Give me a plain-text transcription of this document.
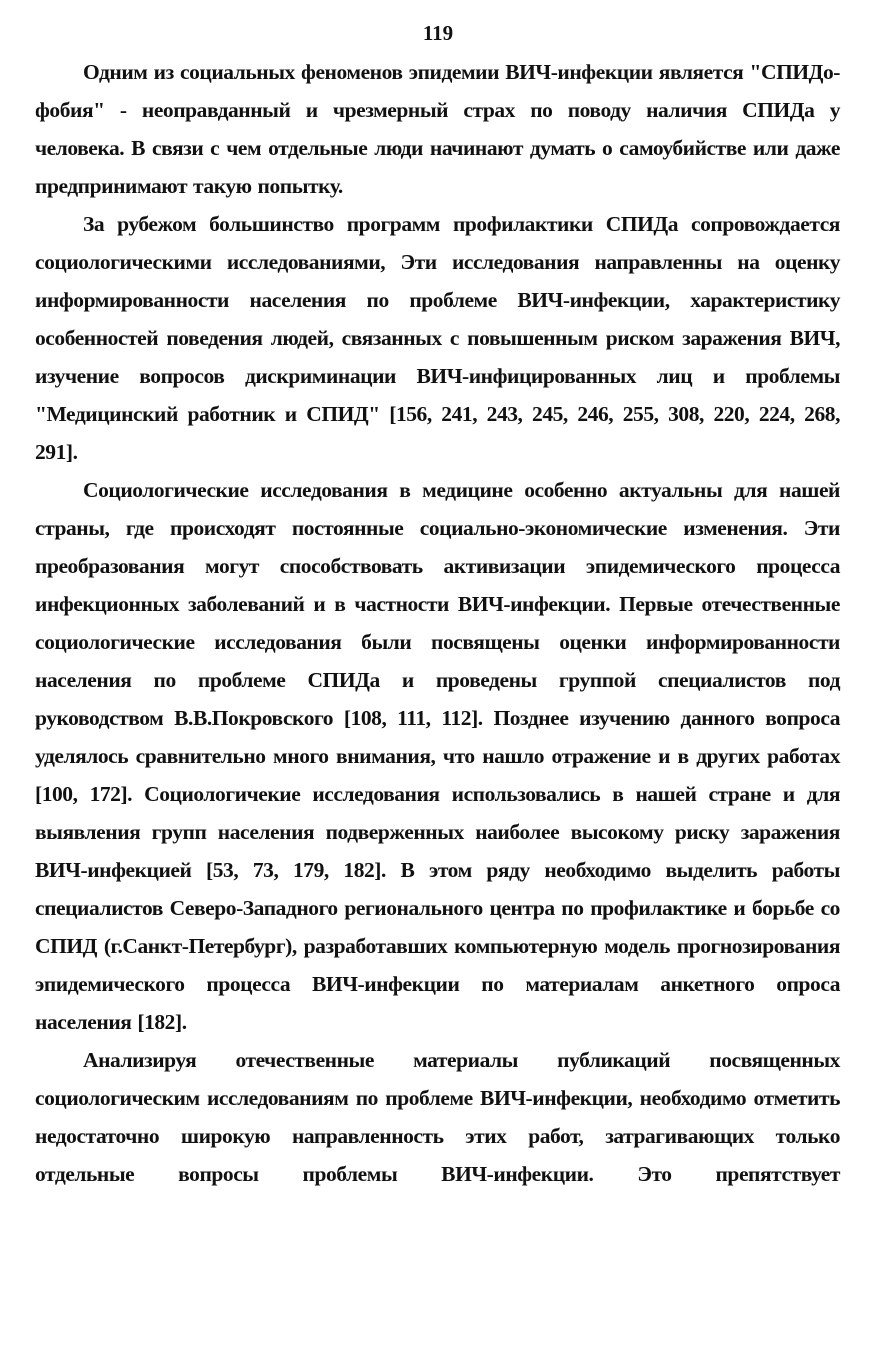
119

Одним из социальных феноменов эпидемии ВИЧ-инфекции является "СПИДо-фобия" - неоправданный и чрезмерный страх по поводу наличия СПИДа у человека. В связи с чем отдельные люди начинают думать о самоубийстве или даже предпринимают такую попытку.

За рубежом большинство программ профилактики СПИДа сопровождается социологическими исследованиями, Эти исследования направленны на оценку информированности населения по проблеме ВИЧ-инфекции, характеристику особенностей поведения людей, связанных с повышенным риском заражения ВИЧ, изучение вопросов дискриминации ВИЧ-инфицированных лиц и проблемы "Медицинский работник и СПИД" [156, 241, 243, 245, 246, 255, 308, 220, 224, 268, 291].

Социологические исследования в медицине особенно актуальны для нашей страны, где происходят постоянные социально-экономические изменения. Эти преобразования могут способствовать активизации эпидемического процесса инфекционных заболеваний и в частности ВИЧ-инфекции. Первые отечественные социологические исследования были посвящены оценки информированности населения по проблеме СПИДа и проведены группой специалистов под руководством В.В.Покровского [108, 111, 112]. Позднее изучению данного вопроса уделялось сравнительно много внимания, что нашло отражение и в других работах [100, 172]. Социологичекие исследования использовались в нашей стране и для выявления групп населения подверженных наиболее высокому риску заражения ВИЧ-инфекцией [53, 73, 179, 182]. В этом ряду необходимо выделить работы специалистов Северо-Западного регионального центра по профилактике и борьбе со СПИД (г.Санкт-Петербург), разработавших компьютерную модель прогнозирования эпидемического процесса ВИЧ-инфекции по материалам анкетного опроса населения [182].

Анализируя отечественные материалы публикаций посвященных социологическим исследованиям по проблеме ВИЧ-инфекции, необходимо отметить недостаточно широкую направленность этих работ, затрагивающих только отдельные вопросы проблемы ВИЧ-инфекции. Это препятствует
